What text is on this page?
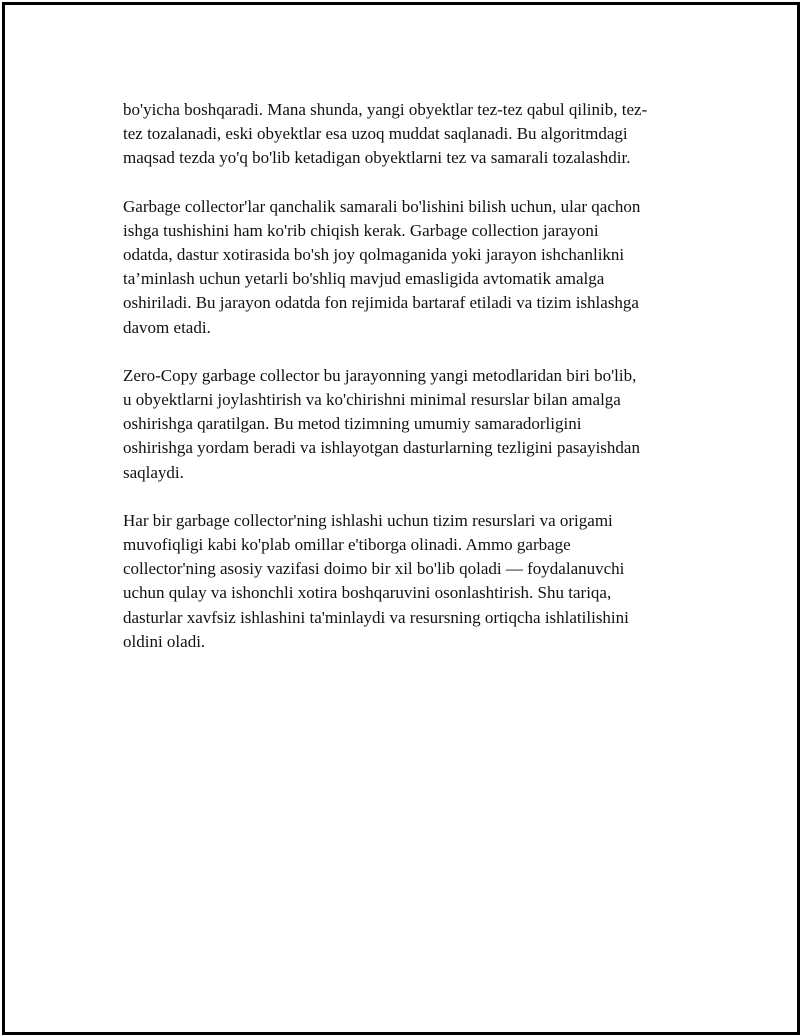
bo'yicha boshqaradi. Mana shunda, yangi obyektlar tez-tez qabul qilinib, tez-
tez tozalanadi, eski obyektlar esa uzoq muddat saqlanadi. Bu algoritmdagi
maqsad tezda yo'q bo'lib ketadigan obyektlarni tez va samarali tozalashdir.

Garbage collector'lar qanchalik samarali bo'lishini bilish uchun, ular qachon
ishga tushishini ham ko'rib chiqish kerak. Garbage collection jarayoni
odatda, dastur xotirasida bo'sh joy qolmaganida yoki jarayon ishchanlikni
ta’minlash uchun yetarli bo'shliq mavjud emasligida avtomatik amalga
oshiriladi. Bu jarayon odatda fon rejimida bartaraf etiladi va tizim ishlashga
davom etadi.

Zero-Copy garbage collector bu jarayonning yangi metodlaridan biri bo'lib,
u obyektlarni joylashtirish va ko'chirishni minimal resurslar bilan amalga
oshirishga qaratilgan. Bu metod tizimning umumiy samaradorligini
oshirishga yordam beradi va ishlayotgan dasturlarning tezligini pasayishdan
saqlaydi.

Har bir garbage collector'ning ishlashi uchun tizim resurslari va origami
muvofiqligi kabi ko'plab omillar e'tiborga olinadi. Ammo garbage
collector'ning asosiy vazifasi doimo bir xil bo'lib qoladi — foydalanuvchi
uchun qulay va ishonchli xotira boshqaruvini osonlashtirish. Shu tariqa,
dasturlar xavfsiz ishlashini ta'minlaydi va resursning ortiqcha ishlatilishini
oldini oladi.
